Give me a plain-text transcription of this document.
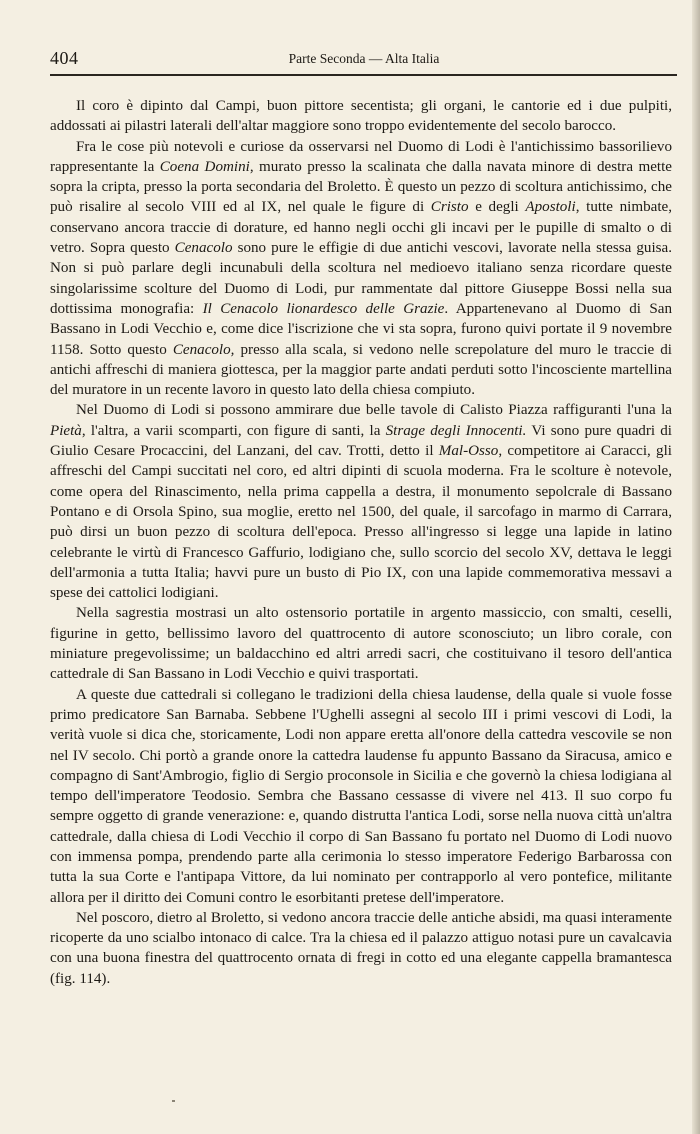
404	Parte Seconda — Alta Italia

Il coro è dipinto dal Campi, buon pittore secentista; gli organi, le cantorie ed i due pulpiti, addossati ai pilastri laterali dell'altar maggiore sono troppo evidentemente del secolo barocco.

Fra le cose più notevoli e curiose da osservarsi nel Duomo di Lodi è l'antichissimo bassorilievo rappresentante la Coena Domini, murato presso la scalinata che dalla navata minore di destra mette sopra la cripta, presso la porta secondaria del Broletto. È questo un pezzo di scoltura antichissimo, che può risalire al secolo VIII ed al IX, nel quale le figure di Cristo e degli Apostoli, tutte nimbate, conservano ancora traccie di dorature, ed hanno negli occhi gli incavi per le pupille di smalto o di vetro. Sopra questo Cenacolo sono pure le effigie di due antichi vescovi, lavorate nella stessa guisa. Non si può parlare degli incunabuli della scoltura nel medioevo italiano senza ricordare queste singolarissime scolture del Duomo di Lodi, pur rammentate dal pittore Giuseppe Bossi nella sua dottissima monografia: Il Cenacolo lionardesco delle Grazie. Appartenevano al Duomo di San Bassano in Lodi Vecchio e, come dice l'iscrizione che vi sta sopra, furono quivi portate il 9 novembre 1158. Sotto questo Cenacolo, presso alla scala, si vedono nelle screpolature del muro le traccie di antichi affreschi di maniera giottesca, per la maggior parte andati perduti sotto l'incosciente martellina del muratore in un recente lavoro in questo lato della chiesa compiuto.

Nel Duomo di Lodi si possono ammirare due belle tavole di Calisto Piazza raffiguranti l'una la Pietà, l'altra, a varii scomparti, con figure di santi, la Strage degli Innocenti. Vi sono pure quadri di Giulio Cesare Procaccini, del Lanzani, del cav. Trotti, detto il Mal-Osso, competitore ai Caracci, gli affreschi del Campi succitati nel coro, ed altri dipinti di scuola moderna. Fra le scolture è notevole, come opera del Rinascimento, nella prima cappella a destra, il monumento sepolcrale di Bassano Pontano e di Orsola Spino, sua moglie, eretto nel 1500, del quale, il sarcofago in marmo di Carrara, può dirsi un buon pezzo di scoltura dell'epoca. Presso all'ingresso si legge una lapide in latino celebrante le virtù di Francesco Gaffurio, lodigiano che, sullo scorcio del secolo XV, dettava le leggi dell'armonia a tutta Italia; havvi pure un busto di Pio IX, con una lapide commemorativa messavi a spese dei cattolici lodigiani.

Nella sagrestia mostrasi un alto ostensorio portatile in argento massiccio, con smalti, ceselli, figurine in getto, bellissimo lavoro del quattrocento di autore sconosciuto; un libro corale, con miniature pregevolissime; un baldacchino ed altri arredi sacri, che costituivano il tesoro dell'antica cattedrale di San Bassano in Lodi Vecchio e quivi trasportati.

A queste due cattedrali si collegano le tradizioni della chiesa laudense, della quale si vuole fosse primo predicatore San Barnaba. Sebbene l'Ughelli assegni al secolo III i primi vescovi di Lodi, la verità vuole si dica che, storicamente, Lodi non appare eretta all'onore della cattedra vescovile se non nel IV secolo. Chi portò a grande onore la cattedra laudense fu appunto Bassano da Siracusa, amico e compagno di Sant'Ambrogio, figlio di Sergio proconsole in Sicilia e che governò la chiesa lodigiana al tempo dell'imperatore Teodosio. Sembra che Bassano cessasse di vivere nel 413. Il suo corpo fu sempre oggetto di grande venerazione: e, quando distrutta l'antica Lodi, sorse nella nuova città un'altra cattedrale, dalla chiesa di Lodi Vecchio il corpo di San Bassano fu portato nel Duomo di Lodi nuovo con immensa pompa, prendendo parte alla cerimonia lo stesso imperatore Federigo Barbarossa con tutta la sua Corte e l'antipapa Vittore, da lui nominato per contrapporlo al vero pontefice, militante allora per il diritto dei Comuni contro le esorbitanti pretese dell'imperatore.

Nel poscoro, dietro al Broletto, si vedono ancora traccie delle antiche absidi, ma quasi interamente ricoperte da uno scialbo intonaco di calce. Tra la chiesa ed il palazzo attiguo notasi pure un cavalcavia con una buona finestra del quattrocento ornata di fregi in cotto ed una elegante cappella bramantesca (fig. 114).
